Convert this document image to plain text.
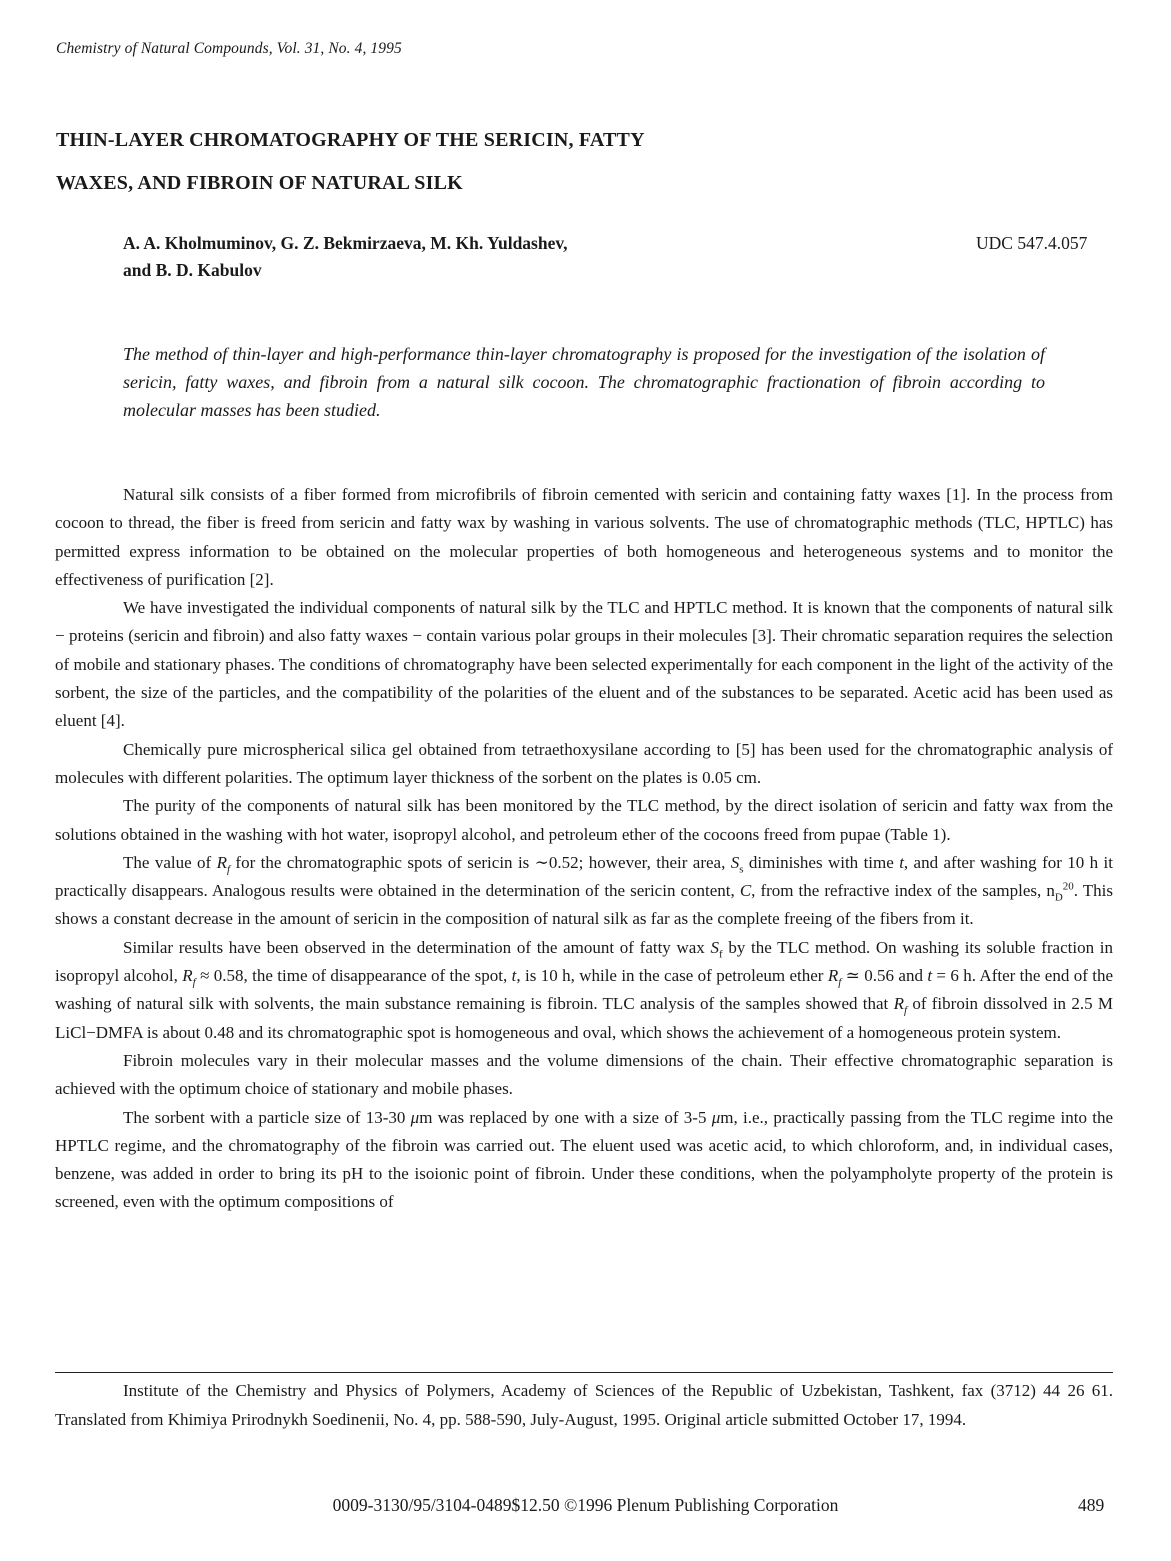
Chemistry of Natural Compounds, Vol. 31, No. 4, 1995
THIN-LAYER CHROMATOGRAPHY OF THE SERICIN, FATTY
WAXES, AND FIBROIN OF NATURAL SILK
A. A. Kholmuminov, G. Z. Bekmirzaeva, M. Kh. Yuldashev,
and B. D. Kabulov
UDC 547.4.057
The method of thin-layer and high-performance thin-layer chromatography is proposed for the investigation of the isolation of sericin, fatty waxes, and fibroin from a natural silk cocoon. The chromatographic fractionation of fibroin according to molecular masses has been studied.

Natural silk consists of a fiber formed from microfibrils of fibroin cemented with sericin and containing fatty waxes [1]. In the process from cocoon to thread, the fiber is freed from sericin and fatty wax by washing in various solvents. The use of chromatographic methods (TLC, HPTLC) has permitted express information to be obtained on the molecular properties of both homogeneous and heterogeneous systems and to monitor the effectiveness of purification [2].

We have investigated the individual components of natural silk by the TLC and HPTLC method. It is known that the components of natural silk − proteins (sericin and fibroin) and also fatty waxes − contain various polar groups in their molecules [3]. Their chromatic separation requires the selection of mobile and stationary phases. The conditions of chromatography have been selected experimentally for each component in the light of the activity of the sorbent, the size of the particles, and the compatibility of the polarities of the eluent and of the substances to be separated. Acetic acid has been used as eluent [4].

Chemically pure microspherical silica gel obtained from tetraethoxysilane according to [5] has been used for the chromatographic analysis of molecules with different polarities. The optimum layer thickness of the sorbent on the plates is 0.05 cm.

The purity of the components of natural silk has been monitored by the TLC method, by the direct isolation of sericin and fatty wax from the solutions obtained in the washing with hot water, isopropyl alcohol, and petroleum ether of the cocoons freed from pupae (Table 1).

The value of $R_f$ for the chromatographic spots of sericin is ∼0.52; however, their area, $S_s$ diminishes with time t, and after washing for 10 h it practically disappears. Analogous results were obtained in the determination of the sericin content, C, from the refractive index of the samples, $n_D^{20}$. This shows a constant decrease in the amount of sericin in the composition of natural silk as far as the complete freeing of the fibers from it.

Similar results have been observed in the determination of the amount of fatty wax $S_f$ by the TLC method. On washing its soluble fraction in isopropyl alcohol, $R_f \approx 0.58$, the time of disappearance of the spot, t, is 10 h, while in the case of petroleum ether $R_f$ ≃ 0.56 and t = 6 h. After the end of the washing of natural silk with solvents, the main substance remaining is fibroin. TLC analysis of the samples showed that $R_f$ of fibroin dissolved in 2.5 M LiCl−DMFA is about 0.48 and its chromatographic spot is homogeneous and oval, which shows the achievement of a homogeneous protein system.

Fibroin molecules vary in their molecular masses and the volume dimensions of the chain. Their effective chromatographic separation is achieved with the optimum choice of stationary and mobile phases.

The sorbent with a particle size of 13-30 μm was replaced by one with a size of 3-5 μm, i.e., practically passing from the TLC regime into the HPTLC regime, and the chromatography of the fibroin was carried out. The eluent used was acetic acid, to which chloroform, and, in individual cases, benzene, was added in order to bring its pH to the isoionic point of fibroin. Under these conditions, when the polyampholyte property of the protein is screened, even with the optimum compositions of

Institute of the Chemistry and Physics of Polymers, Academy of Sciences of the Republic of Uzbekistan, Tashkent, fax (3712) 44 26 61. Translated from Khimiya Prirodnykh Soedinenii, No. 4, pp. 588-590, July-August, 1995. Original article submitted October 17, 1994.

0009-3130/95/3104-0489$12.50 ©1996 Plenum Publishing Corporation	489
